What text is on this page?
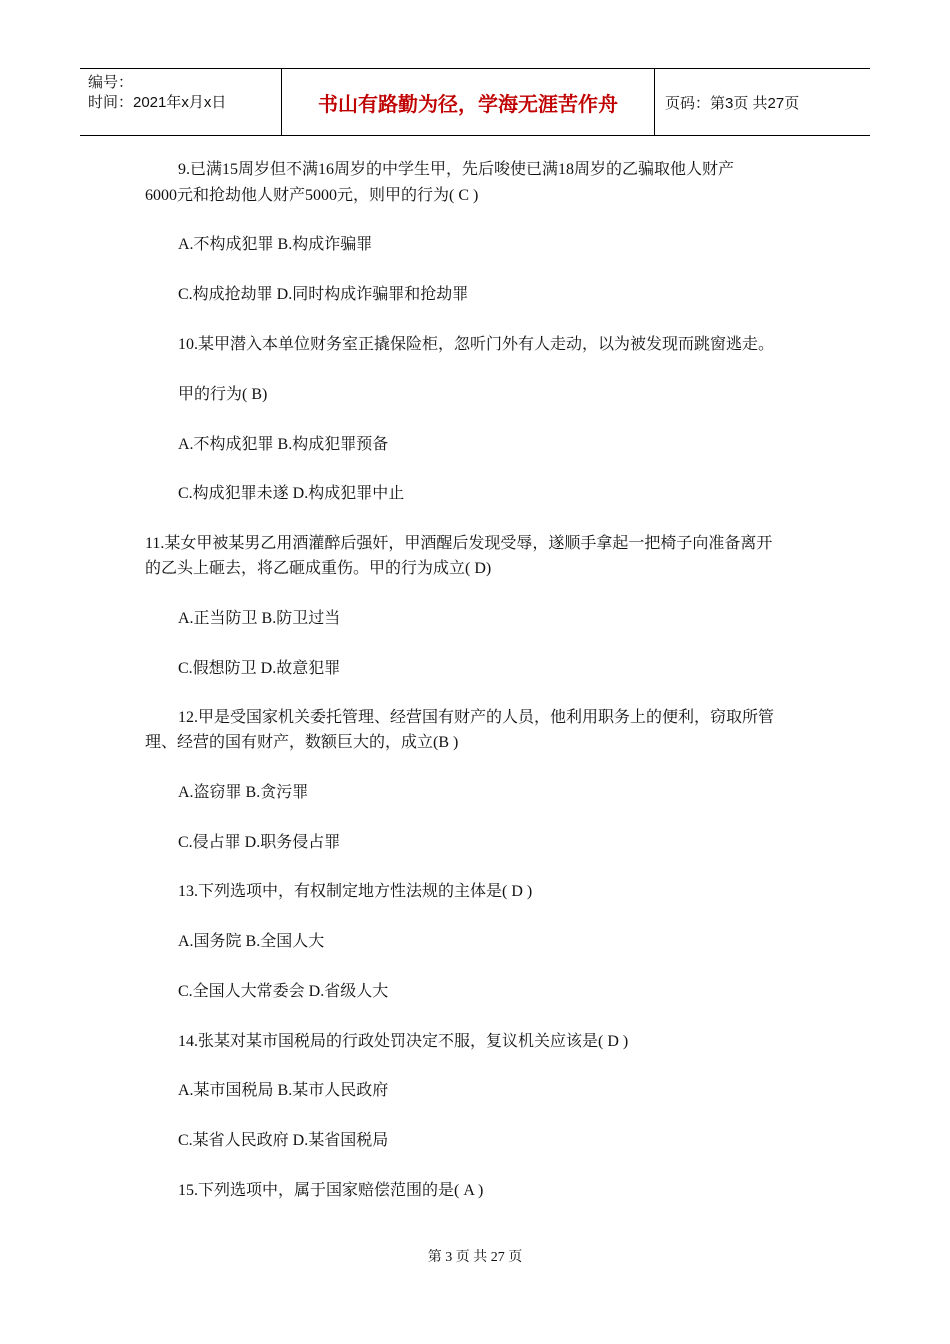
编号：
时间：2021年x月x日	书山有路勤为径，学海无涯苦作舟	页码：第3页 共27页
9.已满15周岁但不满16周岁的中学生甲，先后唆使已满18周岁的乙骗取他人财产
6000元和抢劫他人财产5000元，则甲的行为( C )
A.不构成犯罪 B.构成诈骗罪
C.构成抢劫罪 D.同时构成诈骗罪和抢劫罪
10.某甲潜入本单位财务室正撬保险柜，忽听门外有人走动，以为被发现而跳窗逃走。
甲的行为( B)
A.不构成犯罪 B.构成犯罪预备
C.构成犯罪未遂 D.构成犯罪中止
11.某女甲被某男乙用酒灌醉后强奸，甲酒醒后发现受辱，遂顺手拿起一把椅子向准备离开
的乙头上砸去，将乙砸成重伤。甲的行为成立( D)
A.正当防卫 B.防卫过当
C.假想防卫 D.故意犯罪
12.甲是受国家机关委托管理、经营国有财产的人员，他利用职务上的便利，窃取所管
理、经营的国有财产，数额巨大的，成立(B )
A.盗窃罪 B.贪污罪
C.侵占罪 D.职务侵占罪
13.下列选项中，有权制定地方性法规的主体是( D )
A.国务院 B.全国人大
C.全国人大常委会 D.省级人大
14.张某对某市国税局的行政处罚决定不服，复议机关应该是( D )
A.某市国税局 B.某市人民政府
C.某省人民政府 D.某省国税局
15.下列选项中，属于国家赔偿范围的是( A )
第 3 页 共 27 页
